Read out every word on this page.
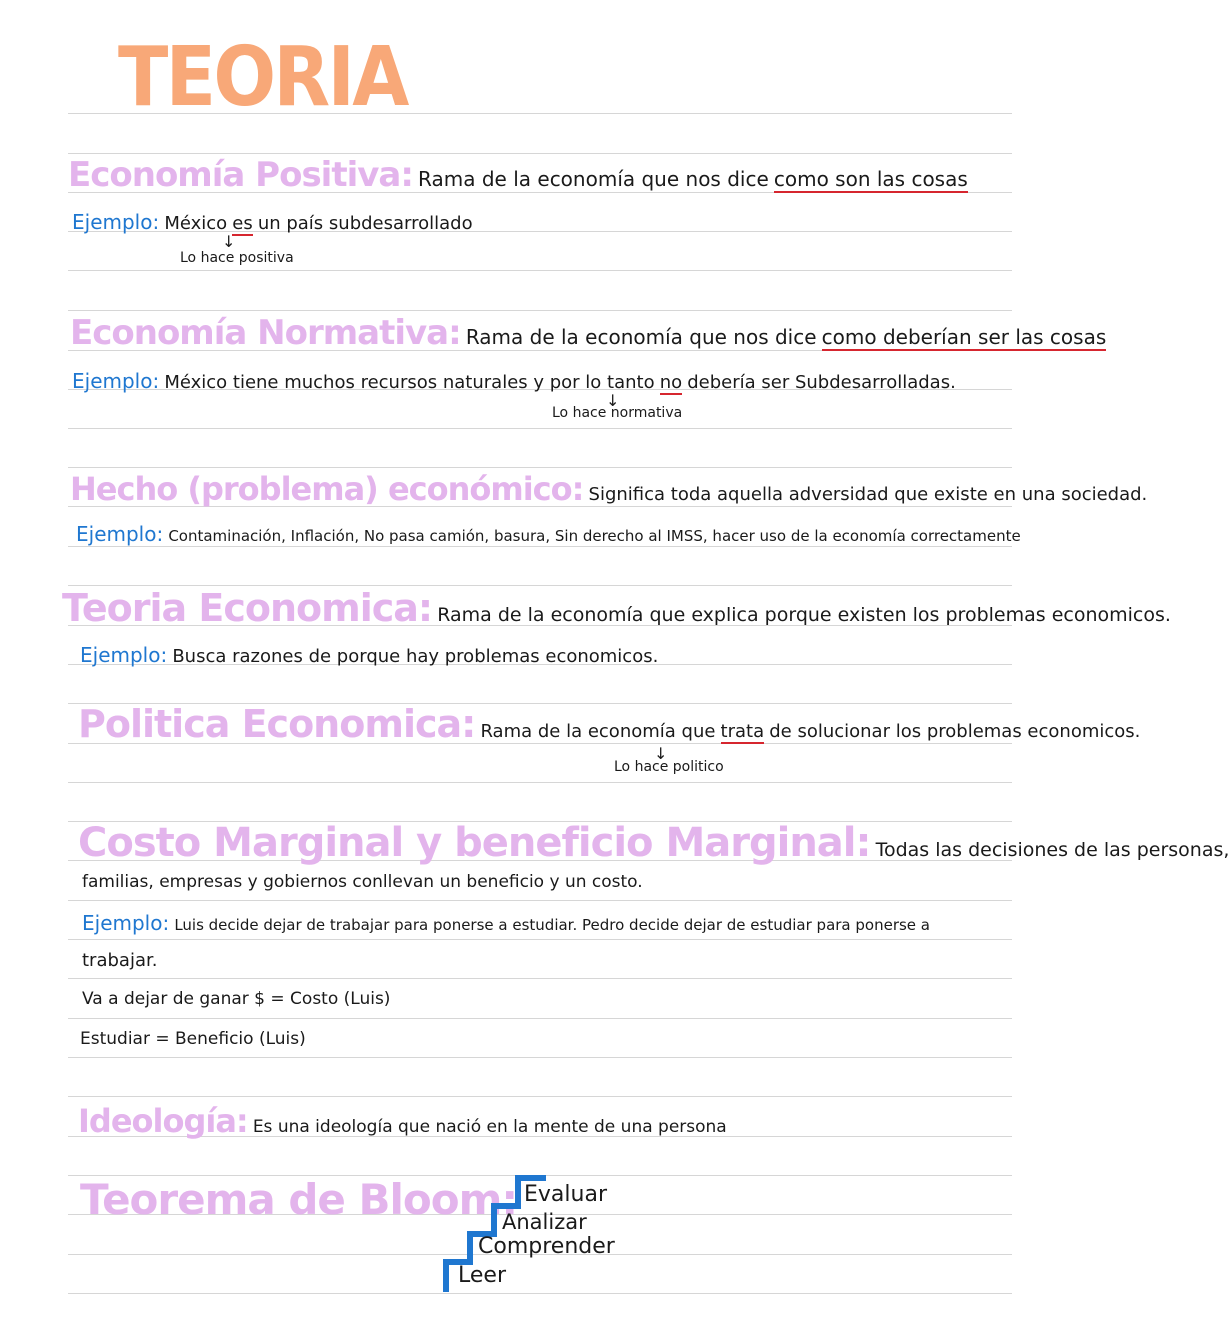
TEORIA
Economía Positiva: Rama de la economía que nos dice como son las cosas
Ejemplo: México es un país subdesarrollado
↓
Lo hace positiva
Economía Normativa: Rama de la economía que nos dice como deberían ser las cosas
Ejemplo: México tiene muchos recursos naturales y por lo tanto no debería ser Subdesarrolladas.
↓
Lo hace normativa
Hecho (problema) económico: Significa toda aquella adversidad que existe en una sociedad.
Ejemplo: Contaminación, Inflación, No pasa camión, basura, Sin derecho al IMSS, hacer uso de la economía correctamente
Teoria Economica: Rama de la economía que explica porque existen los problemas economicos.
Ejemplo: Busca razones de porque hay problemas economicos.
Politica Economica: Rama de la economía que trata de solucionar los problemas economicos.
↓
Lo hace politico
Costo Marginal y beneficio Marginal: Todas las decisiones de las personas,
familias, empresas y gobiernos conllevan un beneficio y un costo.
Ejemplo: Luis decide dejar de trabajar para ponerse a estudiar. Pedro decide dejar de estudiar para ponerse a
trabajar.
Va a dejar de ganar $ = Costo (Luis)
Estudiar = Beneficio (Luis)
Ideología: Es una ideología que nació en la mente de una persona
Teorema de Bloom: Evaluar
Analizar
Comprender
Leer
